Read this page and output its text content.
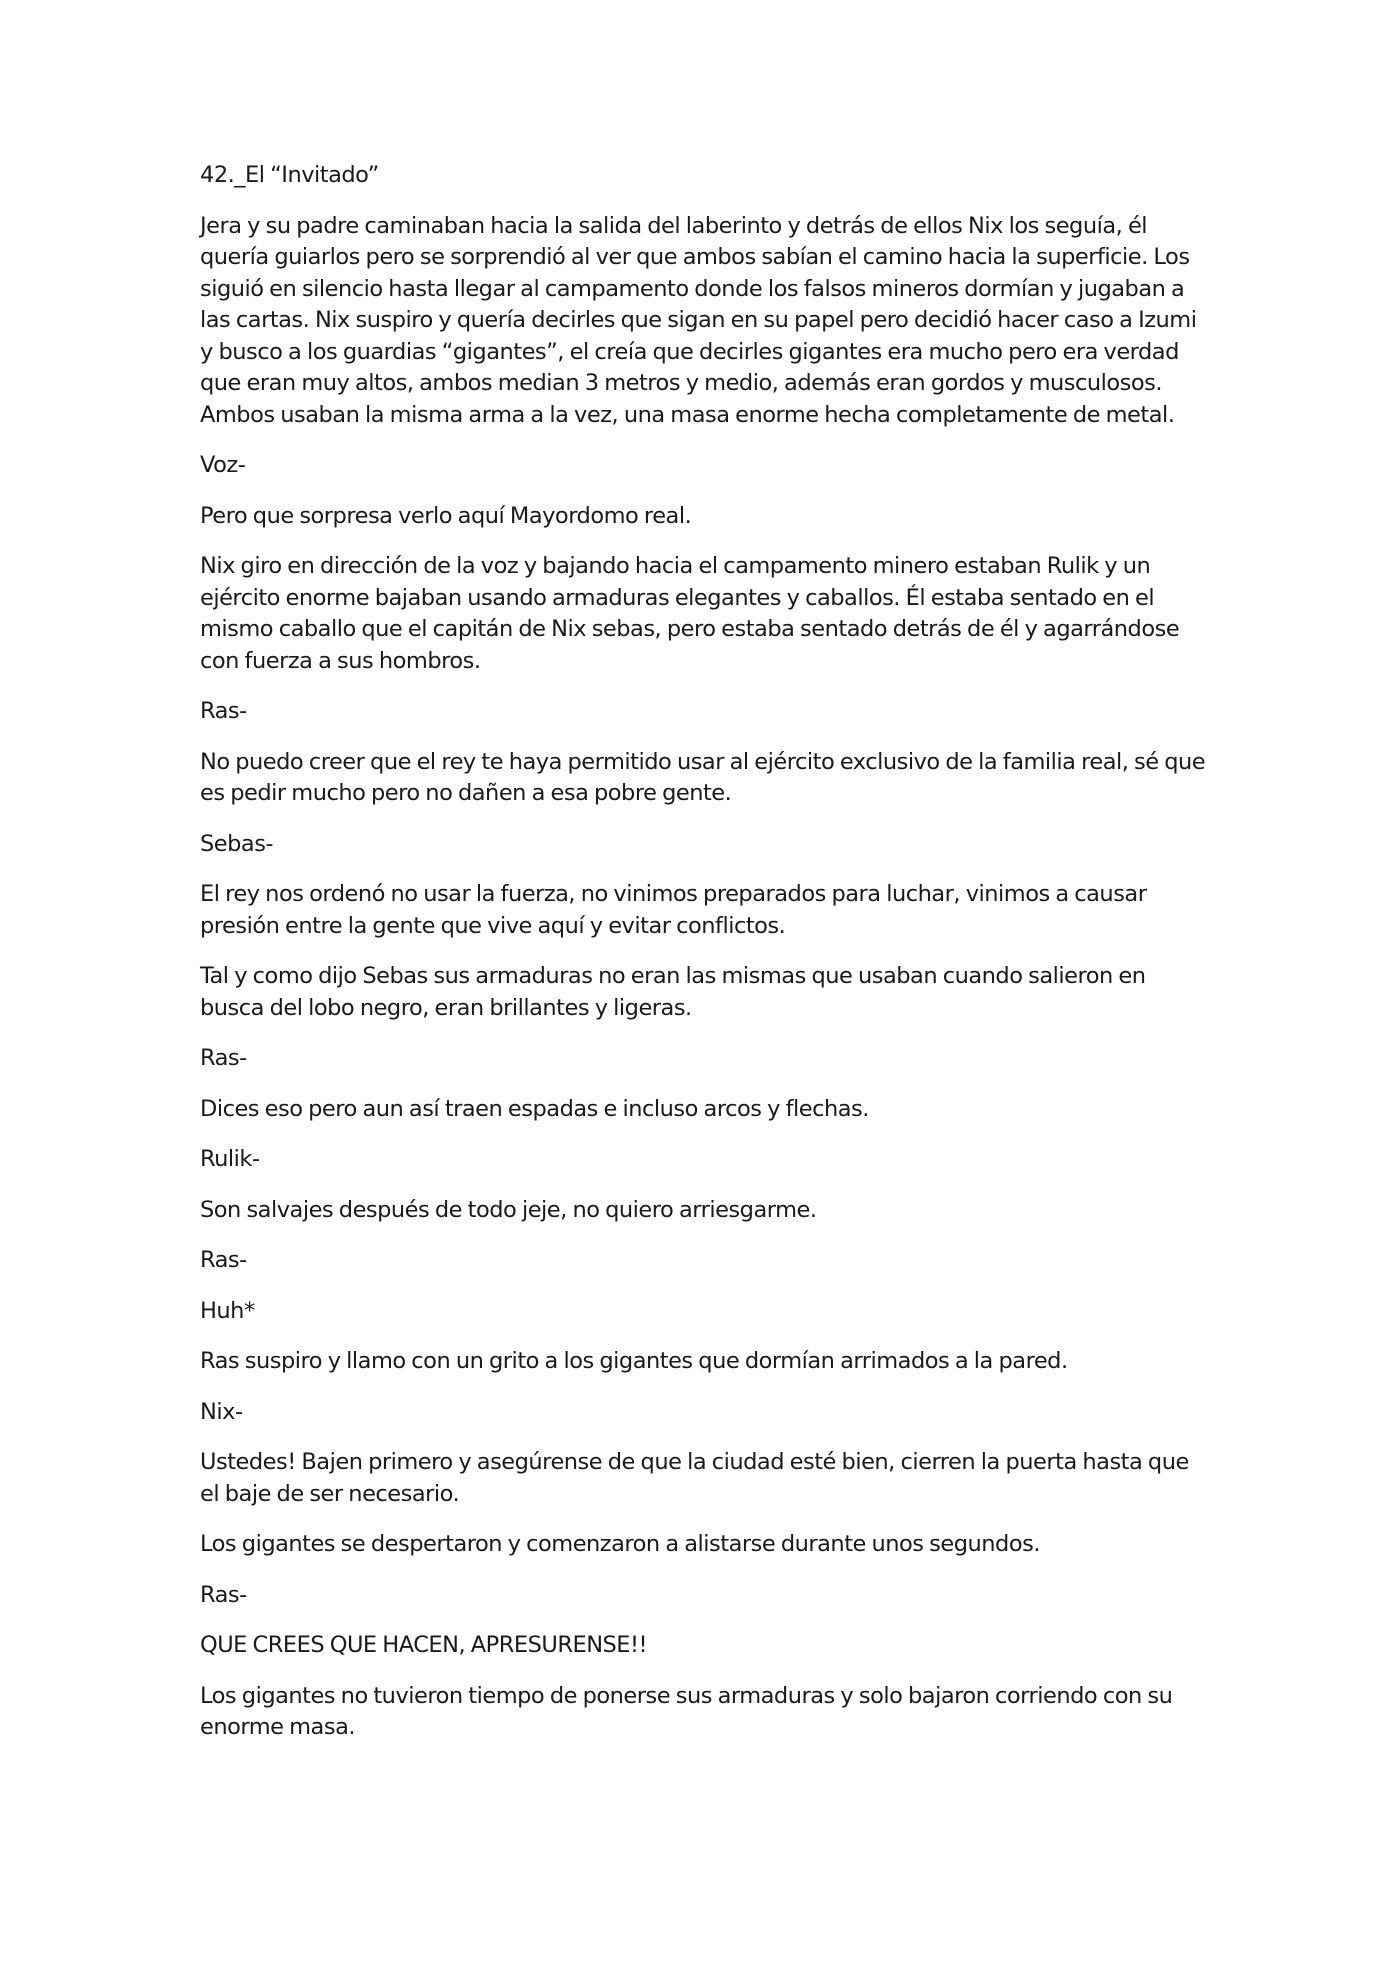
42._El “Invitado”

Jera y su padre caminaban hacia la salida del laberinto y detrás de ellos Nix los seguía, él quería guiarlos pero se sorprendió al ver que ambos sabían el camino hacia la superficie. Los siguió en silencio hasta llegar al campamento donde los falsos mineros dormían y jugaban a las cartas. Nix suspiro y quería decirles que sigan en su papel pero decidió hacer caso a Izumi y busco a los guardias “gigantes”, el creía que decirles gigantes era mucho pero era verdad que eran muy altos, ambos median 3 metros y medio, además eran gordos y musculosos. Ambos usaban la misma arma a la vez, una masa enorme hecha completamente de metal.

Voz-

Pero que sorpresa verlo aquí Mayordomo real.

Nix giro en dirección de la voz y bajando hacia el campamento minero estaban Rulik y un ejército enorme bajaban usando armaduras elegantes y caballos. Él estaba sentado en el mismo caballo que el capitán de Nix sebas, pero estaba sentado detrás de él y agarrándose con fuerza a sus hombros.

Ras-

No puedo creer que el rey te haya permitido usar al ejército exclusivo de la familia real, sé que es pedir mucho pero no dañen a esa pobre gente.

Sebas-

El rey nos ordenó no usar la fuerza, no vinimos preparados para luchar, vinimos a causar presión entre la gente que vive aquí y evitar conflictos.

Tal y como dijo Sebas sus armaduras no eran las mismas que usaban cuando salieron en busca del lobo negro, eran brillantes y ligeras.

Ras-

Dices eso pero aun así traen espadas e incluso arcos y flechas.

Rulik-

Son salvajes después de todo jeje, no quiero arriesgarme.

Ras-

Huh*

Ras suspiro y llamo con un grito a los gigantes que dormían arrimados a la pared.

Nix-

Ustedes! Bajen primero y asegúrense de que la ciudad esté bien, cierren la puerta hasta que el baje de ser necesario.

Los gigantes se despertaron y comenzaron a alistarse durante unos segundos.

Ras-

QUE CREES QUE HACEN, APRESURENSE!!

Los gigantes no tuvieron tiempo de ponerse sus armaduras y solo bajaron corriendo con su enorme masa.
